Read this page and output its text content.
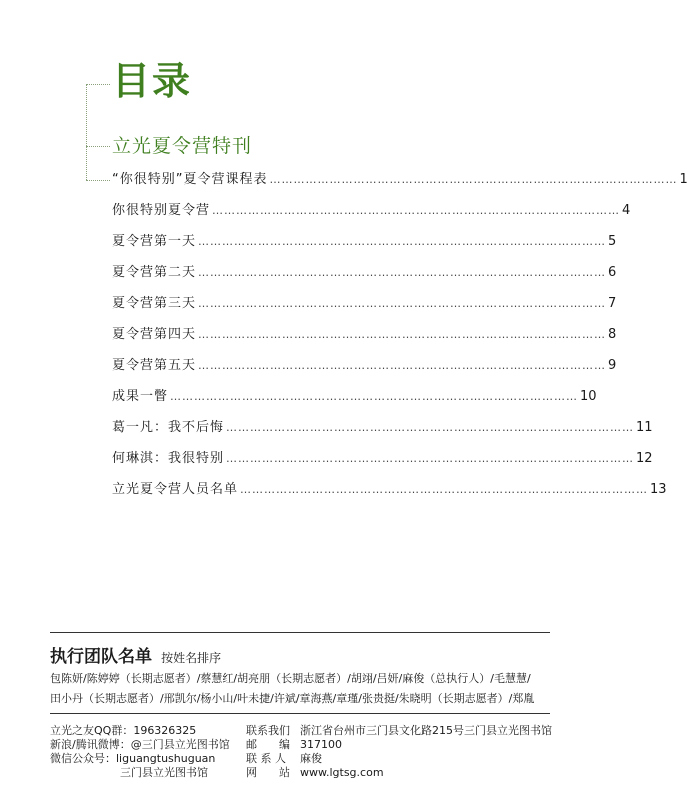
目录
立光夏令营特刊
“你很特别”夏令营课程表 ………………………………………………………………………………………… 1
你很特别夏令营 ………………………………………………………………………………………… 4
夏令营第一天 ………………………………………………………………………………………… 5
夏令营第二天 ………………………………………………………………………………………… 6
夏令营第三天 ………………………………………………………………………………………… 7
夏令营第四天 ………………………………………………………………………………………… 8
夏令营第五天 ………………………………………………………………………………………… 9
成果一瞥 ………………………………………………………………………………………… 10
葛一凡：我不后悔 ………………………………………………………………………………………… 11
何琳淇：我很特别 ………………………………………………………………………………………… 12
立光夏令营人员名单 ………………………………………………………………………………………… 13
执行团队名单 按姓名排序
包陈妍/陈婷婷（长期志愿者）/蔡慧红/胡亮朋（长期志愿者）/胡翊/吕妍/麻俊（总执行人）/毛慧慧/
田小丹（长期志愿者）/邢凯尔/杨小山/叶未捷/许斌/章海燕/章瑾/张贵挺/朱晓明（长期志愿者）/郑胤
立光之友QQ群：196326325
新浪/腾讯微博：@三门县立光图书馆
微信公众号：liguangtushuguan
三门县立光图书馆
联系我们 浙江省台州市三门县文化路215号三门县立光图书馆
邮　　编 317100
联 系 人	麻俊
网　　站 www.lgtsg.com
